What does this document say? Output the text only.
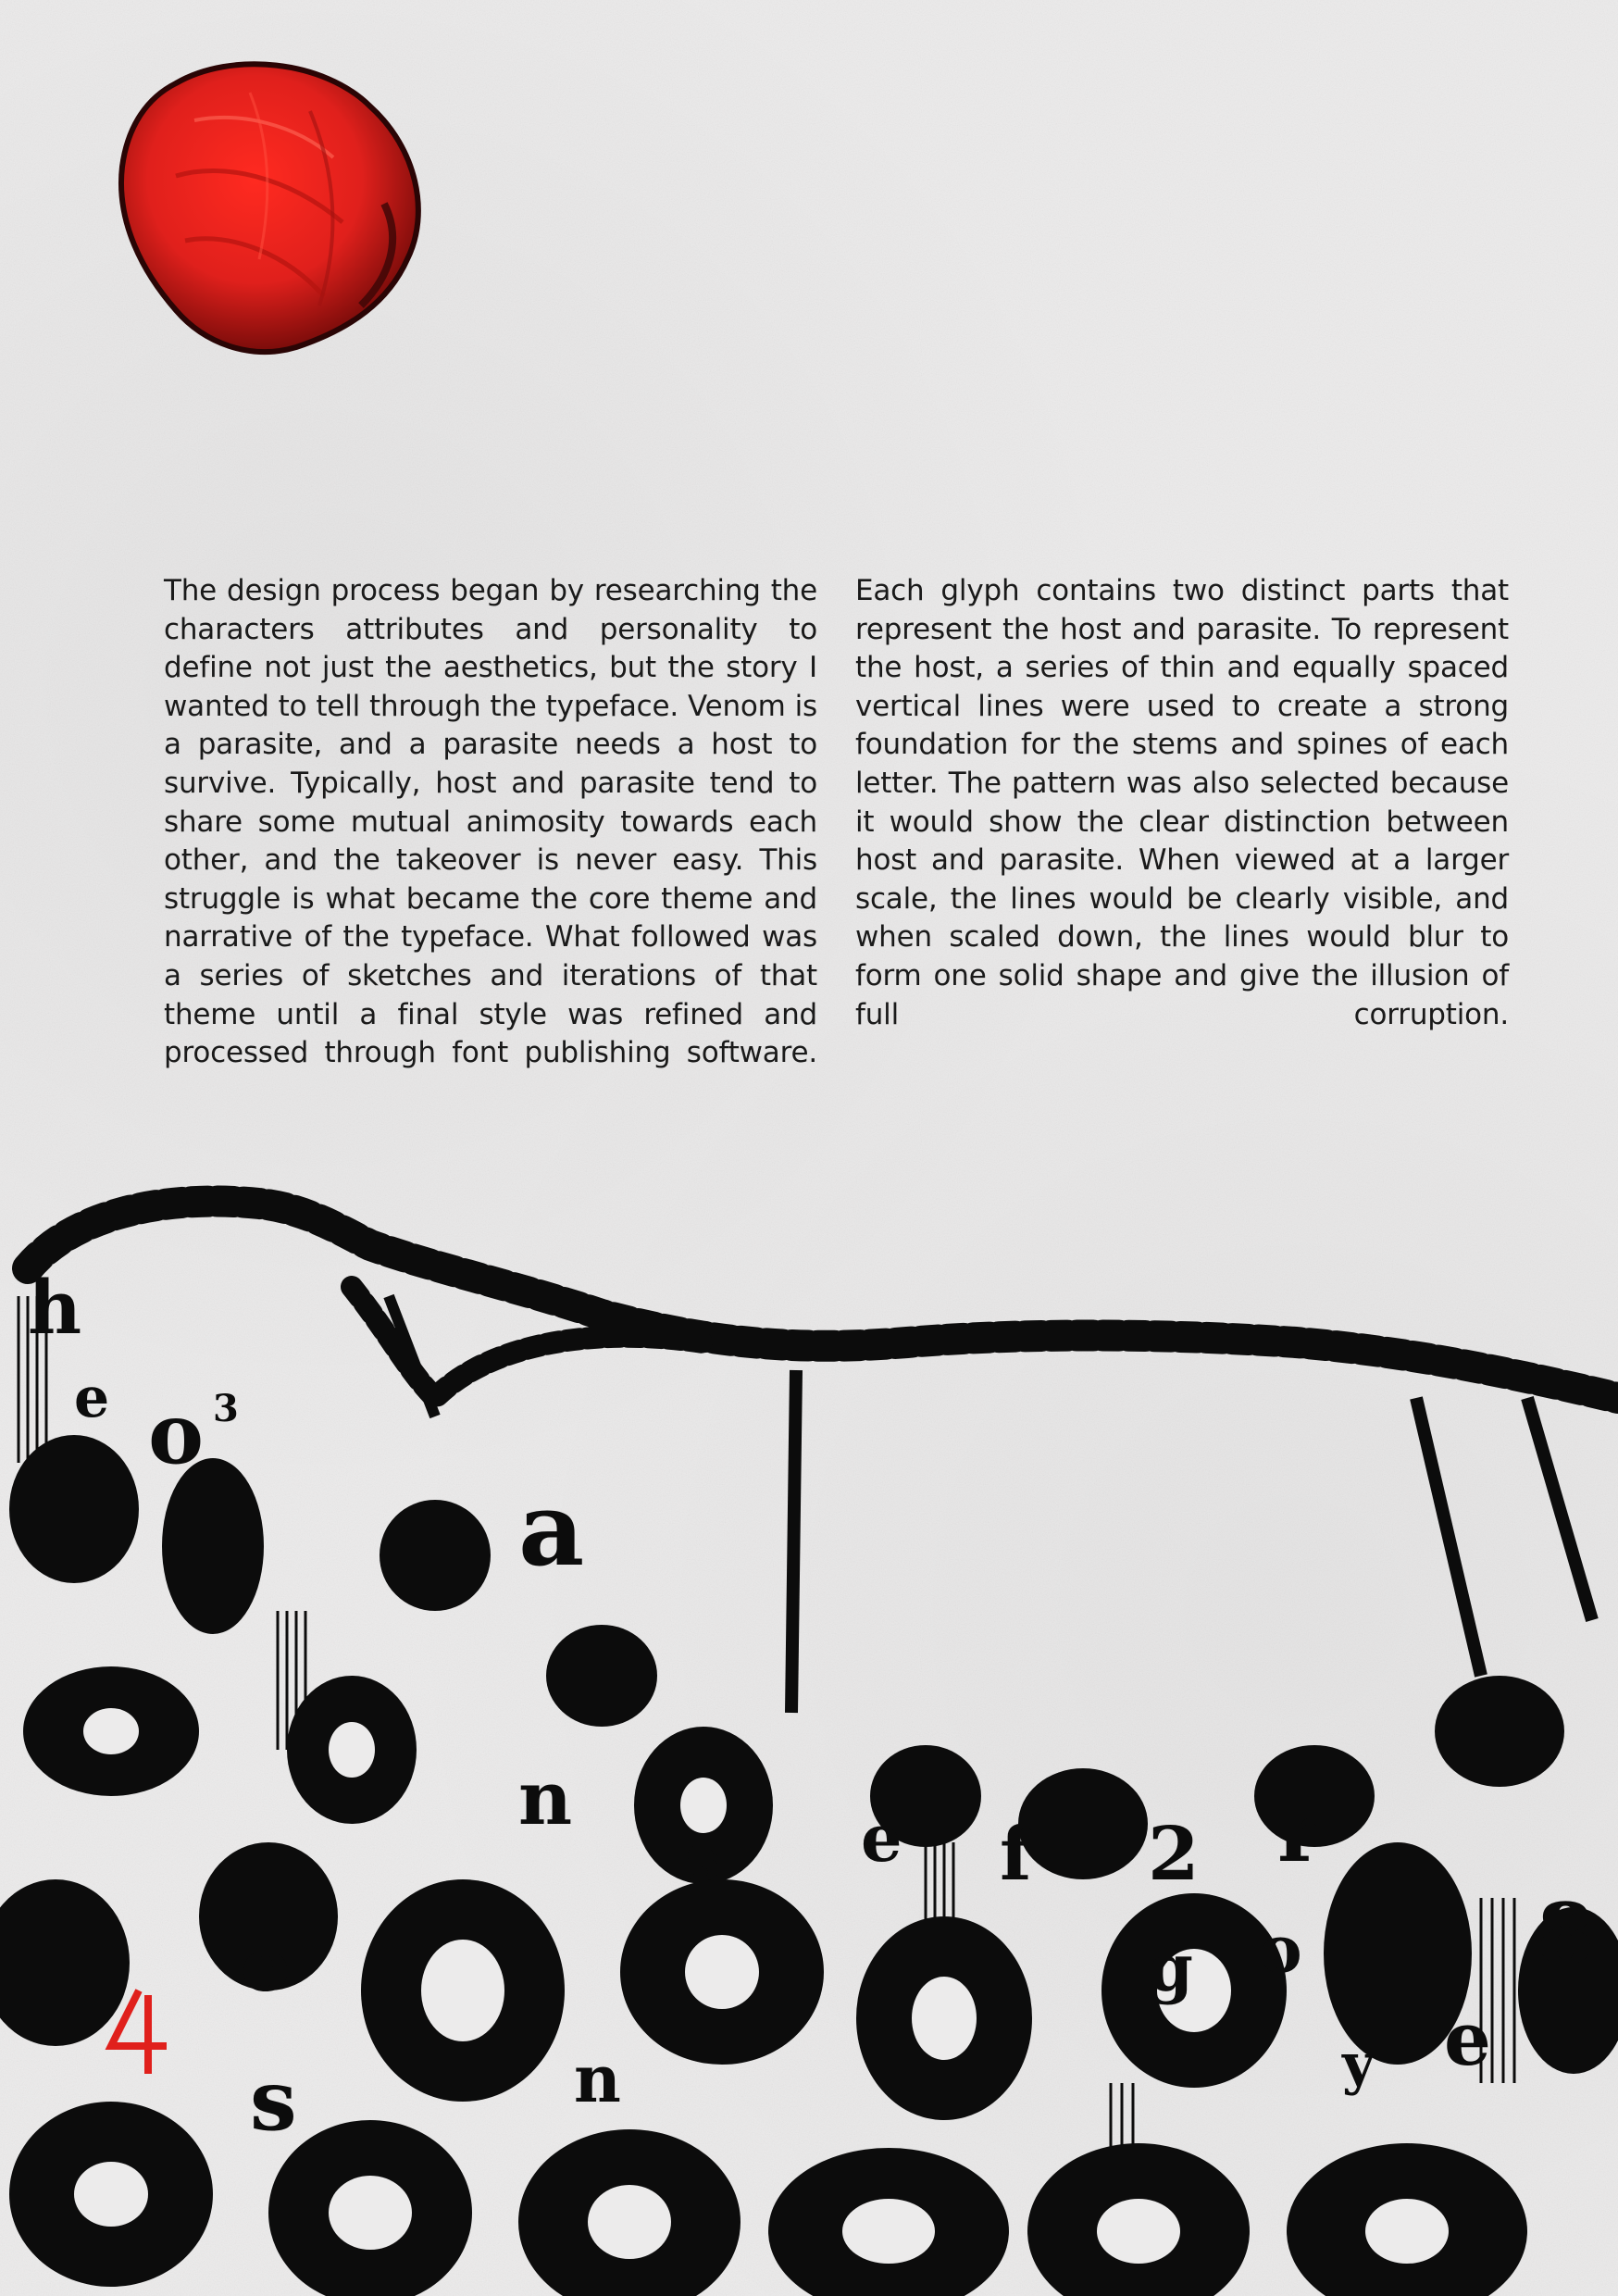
The design process began by researching the characters attributes and personality to define not just the aesthetics, but the story I wanted to tell through the typeface. Venom is a parasite, and a parasite needs a host to survive. Typically, host and parasite tend to share some mutual animosity towards each other, and the takeover is never easy. This struggle is what became the core theme and narrative of the typeface. What followed was a series of sketches and iterations of that theme until a final style was refined and processed through font publishing software.

Each glyph contains two distinct parts that represent the host and parasite. To represent the host, a series of thin and equally spaced vertical lines were used to create a strong foundation for the stems and spines of each letter. The pattern was also selected because it would show the clear distinction between host and parasite. When viewed at a larger scale, the lines would be clearly visible, and when scaled down, the lines would blur to form one solid shape and give the illusion of full corruption.

o 3
a
n
s e f 2 r
o
g	8
e
o
s	n	y
h
e
